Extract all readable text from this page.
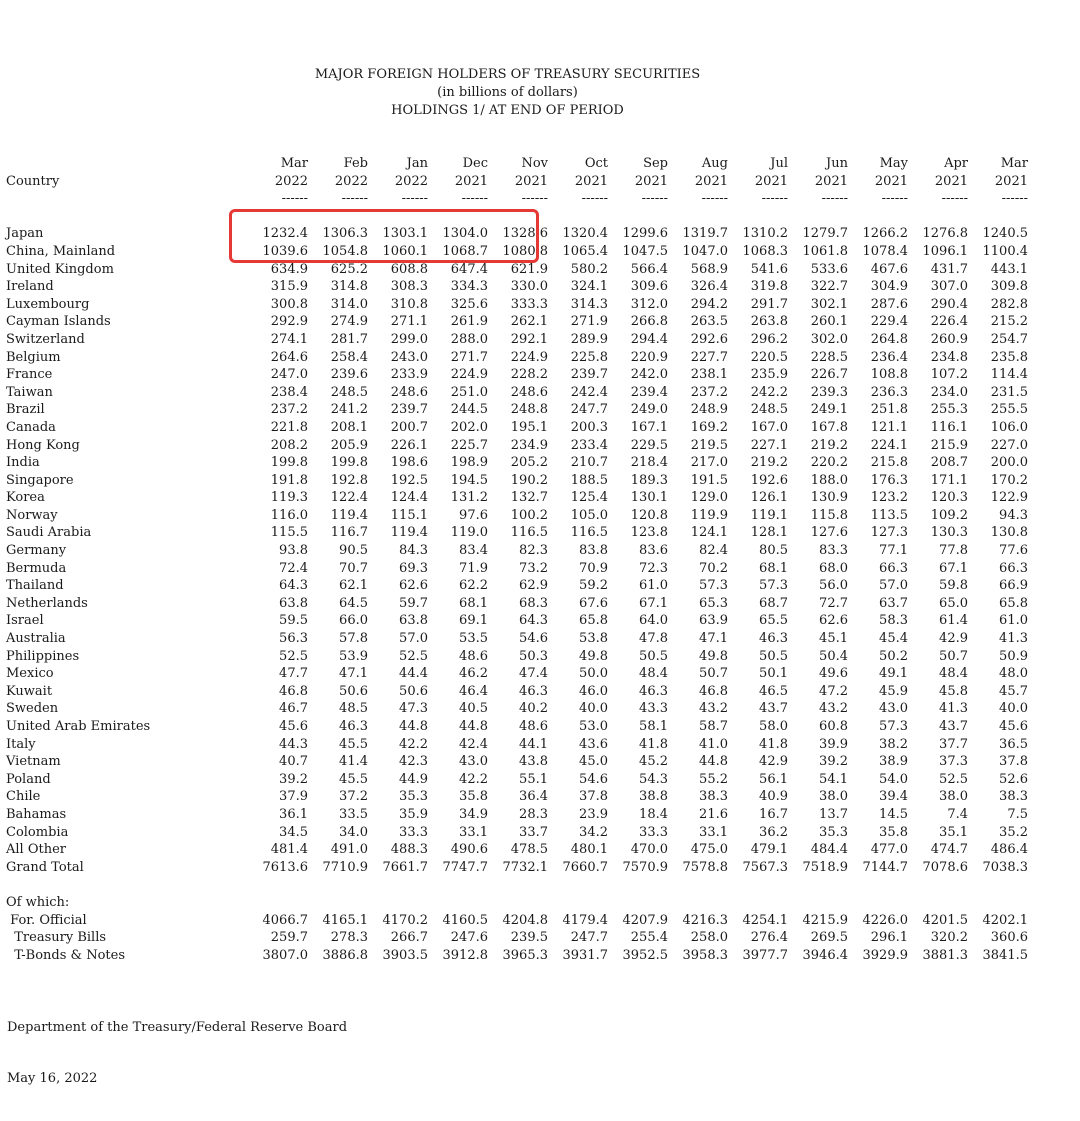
MAJOR FOREIGN HOLDERS OF TREASURY SECURITIES
(in billions of dollars)
HOLDINGS 1/ AT END OF PERIOD
	Mar	Feb	Jan	Dec	Nov	Oct	Sep	Aug	Jul	Jun	May	Apr	Mar
Country	2022	2022	2022	2021	2021	2021	2021	2021	2021	2021	2021	2021	2021
	------	------	------	------	------	------	------	------	------	------	------	------	------

Japan	1232.4	1306.3	1303.1	1304.0	1328.6	1320.4	1299.6	1319.7	1310.2	1279.7	1266.2	1276.8	1240.5
China, Mainland	1039.6	1054.8	1060.1	1068.7	1080.8	1065.4	1047.5	1047.0	1068.3	1061.8	1078.4	1096.1	1100.4
United Kingdom	634.9	625.2	608.8	647.4	621.9	580.2	566.4	568.9	541.6	533.6	467.6	431.7	443.1
Ireland	315.9	314.8	308.3	334.3	330.0	324.1	309.6	326.4	319.8	322.7	304.9	307.0	309.8
Luxembourg	300.8	314.0	310.8	325.6	333.3	314.3	312.0	294.2	291.7	302.1	287.6	290.4	282.8
Cayman Islands	292.9	274.9	271.1	261.9	262.1	271.9	266.8	263.5	263.8	260.1	229.4	226.4	215.2
Switzerland	274.1	281.7	299.0	288.0	292.1	289.9	294.4	292.6	296.2	302.0	264.8	260.9	254.7
Belgium	264.6	258.4	243.0	271.7	224.9	225.8	220.9	227.7	220.5	228.5	236.4	234.8	235.8
France	247.0	239.6	233.9	224.9	228.2	239.7	242.0	238.1	235.9	226.7	108.8	107.2	114.4
Taiwan	238.4	248.5	248.6	251.0	248.6	242.4	239.4	237.2	242.2	239.3	236.3	234.0	231.5
Brazil	237.2	241.2	239.7	244.5	248.8	247.7	249.0	248.9	248.5	249.1	251.8	255.3	255.5
Canada	221.8	208.1	200.7	202.0	195.1	200.3	167.1	169.2	167.0	167.8	121.1	116.1	106.0
Hong Kong	208.2	205.9	226.1	225.7	234.9	233.4	229.5	219.5	227.1	219.2	224.1	215.9	227.0
India	199.8	199.8	198.6	198.9	205.2	210.7	218.4	217.0	219.2	220.2	215.8	208.7	200.0
Singapore	191.8	192.8	192.5	194.5	190.2	188.5	189.3	191.5	192.6	188.0	176.3	171.1	170.2
Korea	119.3	122.4	124.4	131.2	132.7	125.4	130.1	129.0	126.1	130.9	123.2	120.3	122.9
Norway	116.0	119.4	115.1	97.6	100.2	105.0	120.8	119.9	119.1	115.8	113.5	109.2	94.3
Saudi Arabia	115.5	116.7	119.4	119.0	116.5	116.5	123.8	124.1	128.1	127.6	127.3	130.3	130.8
Germany	93.8	90.5	84.3	83.4	82.3	83.8	83.6	82.4	80.5	83.3	77.1	77.8	77.6
Bermuda	72.4	70.7	69.3	71.9	73.2	70.9	72.3	70.2	68.1	68.0	66.3	67.1	66.3
Thailand	64.3	62.1	62.6	62.2	62.9	59.2	61.0	57.3	57.3	56.0	57.0	59.8	66.9
Netherlands	63.8	64.5	59.7	68.1	68.3	67.6	67.1	65.3	68.7	72.7	63.7	65.0	65.8
Israel	59.5	66.0	63.8	69.1	64.3	65.8	64.0	63.9	65.5	62.6	58.3	61.4	61.0
Australia	56.3	57.8	57.0	53.5	54.6	53.8	47.8	47.1	46.3	45.1	45.4	42.9	41.3
Philippines	52.5	53.9	52.5	48.6	50.3	49.8	50.5	49.8	50.5	50.4	50.2	50.7	50.9
Mexico	47.7	47.1	44.4	46.2	47.4	50.0	48.4	50.7	50.1	49.6	49.1	48.4	48.0
Kuwait	46.8	50.6	50.6	46.4	46.3	46.0	46.3	46.8	46.5	47.2	45.9	45.8	45.7
Sweden	46.7	48.5	47.3	40.5	40.2	40.0	43.3	43.2	43.7	43.2	43.0	41.3	40.0
United Arab Emirates	45.6	46.3	44.8	44.8	48.6	53.0	58.1	58.7	58.0	60.8	57.3	43.7	45.6
Italy	44.3	45.5	42.2	42.4	44.1	43.6	41.8	41.0	41.8	39.9	38.2	37.7	36.5
Vietnam	40.7	41.4	42.3	43.0	43.8	45.0	45.2	44.8	42.9	39.2	38.9	37.3	37.8
Poland	39.2	45.5	44.9	42.2	55.1	54.6	54.3	55.2	56.1	54.1	54.0	52.5	52.6
Chile	37.9	37.2	35.3	35.8	36.4	37.8	38.8	38.3	40.9	38.0	39.4	38.0	38.3
Bahamas	36.1	33.5	35.9	34.9	28.3	23.9	18.4	21.6	16.7	13.7	14.5	7.4	7.5
Colombia	34.5	34.0	33.3	33.1	33.7	34.2	33.3	33.1	36.2	35.3	35.8	35.1	35.2
All Other	481.4	491.0	488.3	490.6	478.5	480.1	470.0	475.0	479.1	484.4	477.0	474.7	486.4
Grand Total	7613.6	7710.9	7661.7	7747.7	7732.1	7660.7	7570.9	7578.8	7567.3	7518.9	7144.7	7078.6	7038.3

Of which:													
For. Official	4066.7	4165.1	4170.2	4160.5	4204.8	4179.4	4207.9	4216.3	4254.1	4215.9	4226.0	4201.5	4202.1
Treasury Bills	259.7	278.3	266.7	247.6	239.5	247.7	255.4	258.0	276.4	269.5	296.1	320.2	360.6
T-Bonds & Notes	3807.0	3886.8	3903.5	3912.8	3965.3	3931.7	3952.5	3958.3	3977.7	3946.4	3929.9	3881.3	3841.5

Department of the Treasury/Federal Reserve Board

May 16, 2022
